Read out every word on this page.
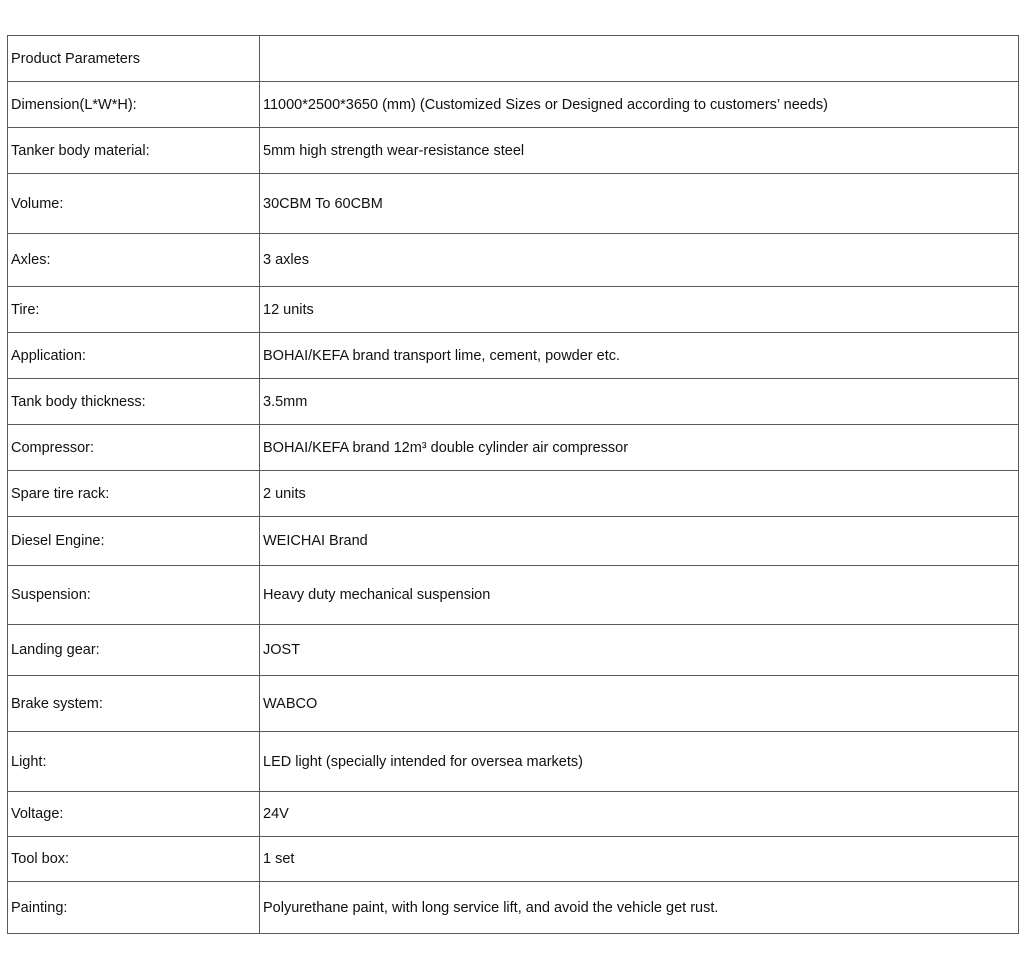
Product Parameters	
Dimension(L*W*H):	11000*2500*3650 (mm) (Customized Sizes or Designed according to customers’ needs)
Tanker body material:	5mm high strength wear-resistance steel
Volume:	30CBM To 60CBM
Axles:	3 axles
Tire:	12 units
Application:	BOHAI/KEFA brand transport lime, cement, powder etc.
Tank body thickness:	3.5mm
Compressor:	BOHAI/KEFA brand 12m³ double cylinder air compressor
Spare tire rack:	2 units
Diesel Engine:	WEICHAI Brand
Suspension:	Heavy duty mechanical suspension
Landing gear:	JOST
Brake system:	WABCO
Light:	LED light (specially intended for oversea markets)
Voltage:	24V
Tool box:	1 set
Painting:	Polyurethane paint, with long service lift, and avoid the vehicle get rust.
